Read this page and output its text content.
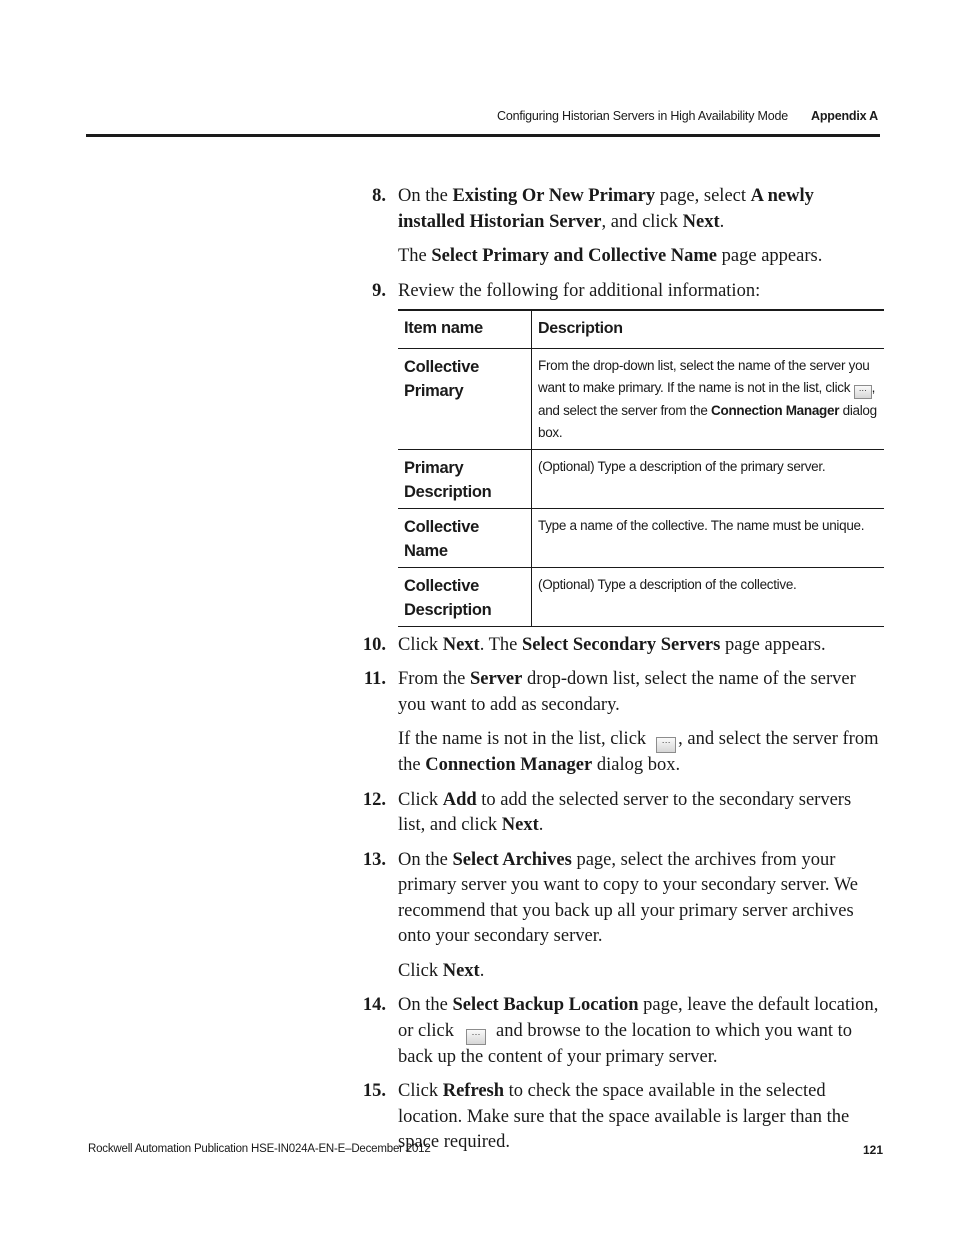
Configuring Historian Servers in High Availability Mode Appendix A
8. On the Existing Or New Primary page, select A newly installed Historian Server, and click Next.

The Select Primary and Collective Name page appears.

9. Review the following for additional information:

Item name	Description
Collective Primary	From the drop-down list, select the name of the server you want to make primary. If the name is not in the list, click ··· , and select the server from the Connection Manager dialog box.
Primary Description	(Optional) Type a description of the primary server.
Collective Name	Type a name of the collective. The name must be unique.
Collective Description	(Optional) Type a description of the collective.
10. Click Next. The Select Secondary Servers page appears.

11. From the Server drop-down list, select the name of the server you want to add as secondary.

If the name is not in the list, click ··· , and select the server from the Connection Manager dialog box.

12. Click Add to add the selected server to the secondary servers list, and click Next.

13. On the Select Archives page, select the archives from your primary server you want to copy to your secondary server. We recommend that you back up all your primary server archives onto your secondary server.

Click Next.

14. On the Select Backup Location page, leave the default location, or click ··· and browse to the location to which you want to back up the content of your primary server.

15. Click Refresh to check the space available in the selected location. Make sure that the space available is larger than the space required.

Rockwell Automation Publication HSE-IN024A-EN-E–December 2012	121
